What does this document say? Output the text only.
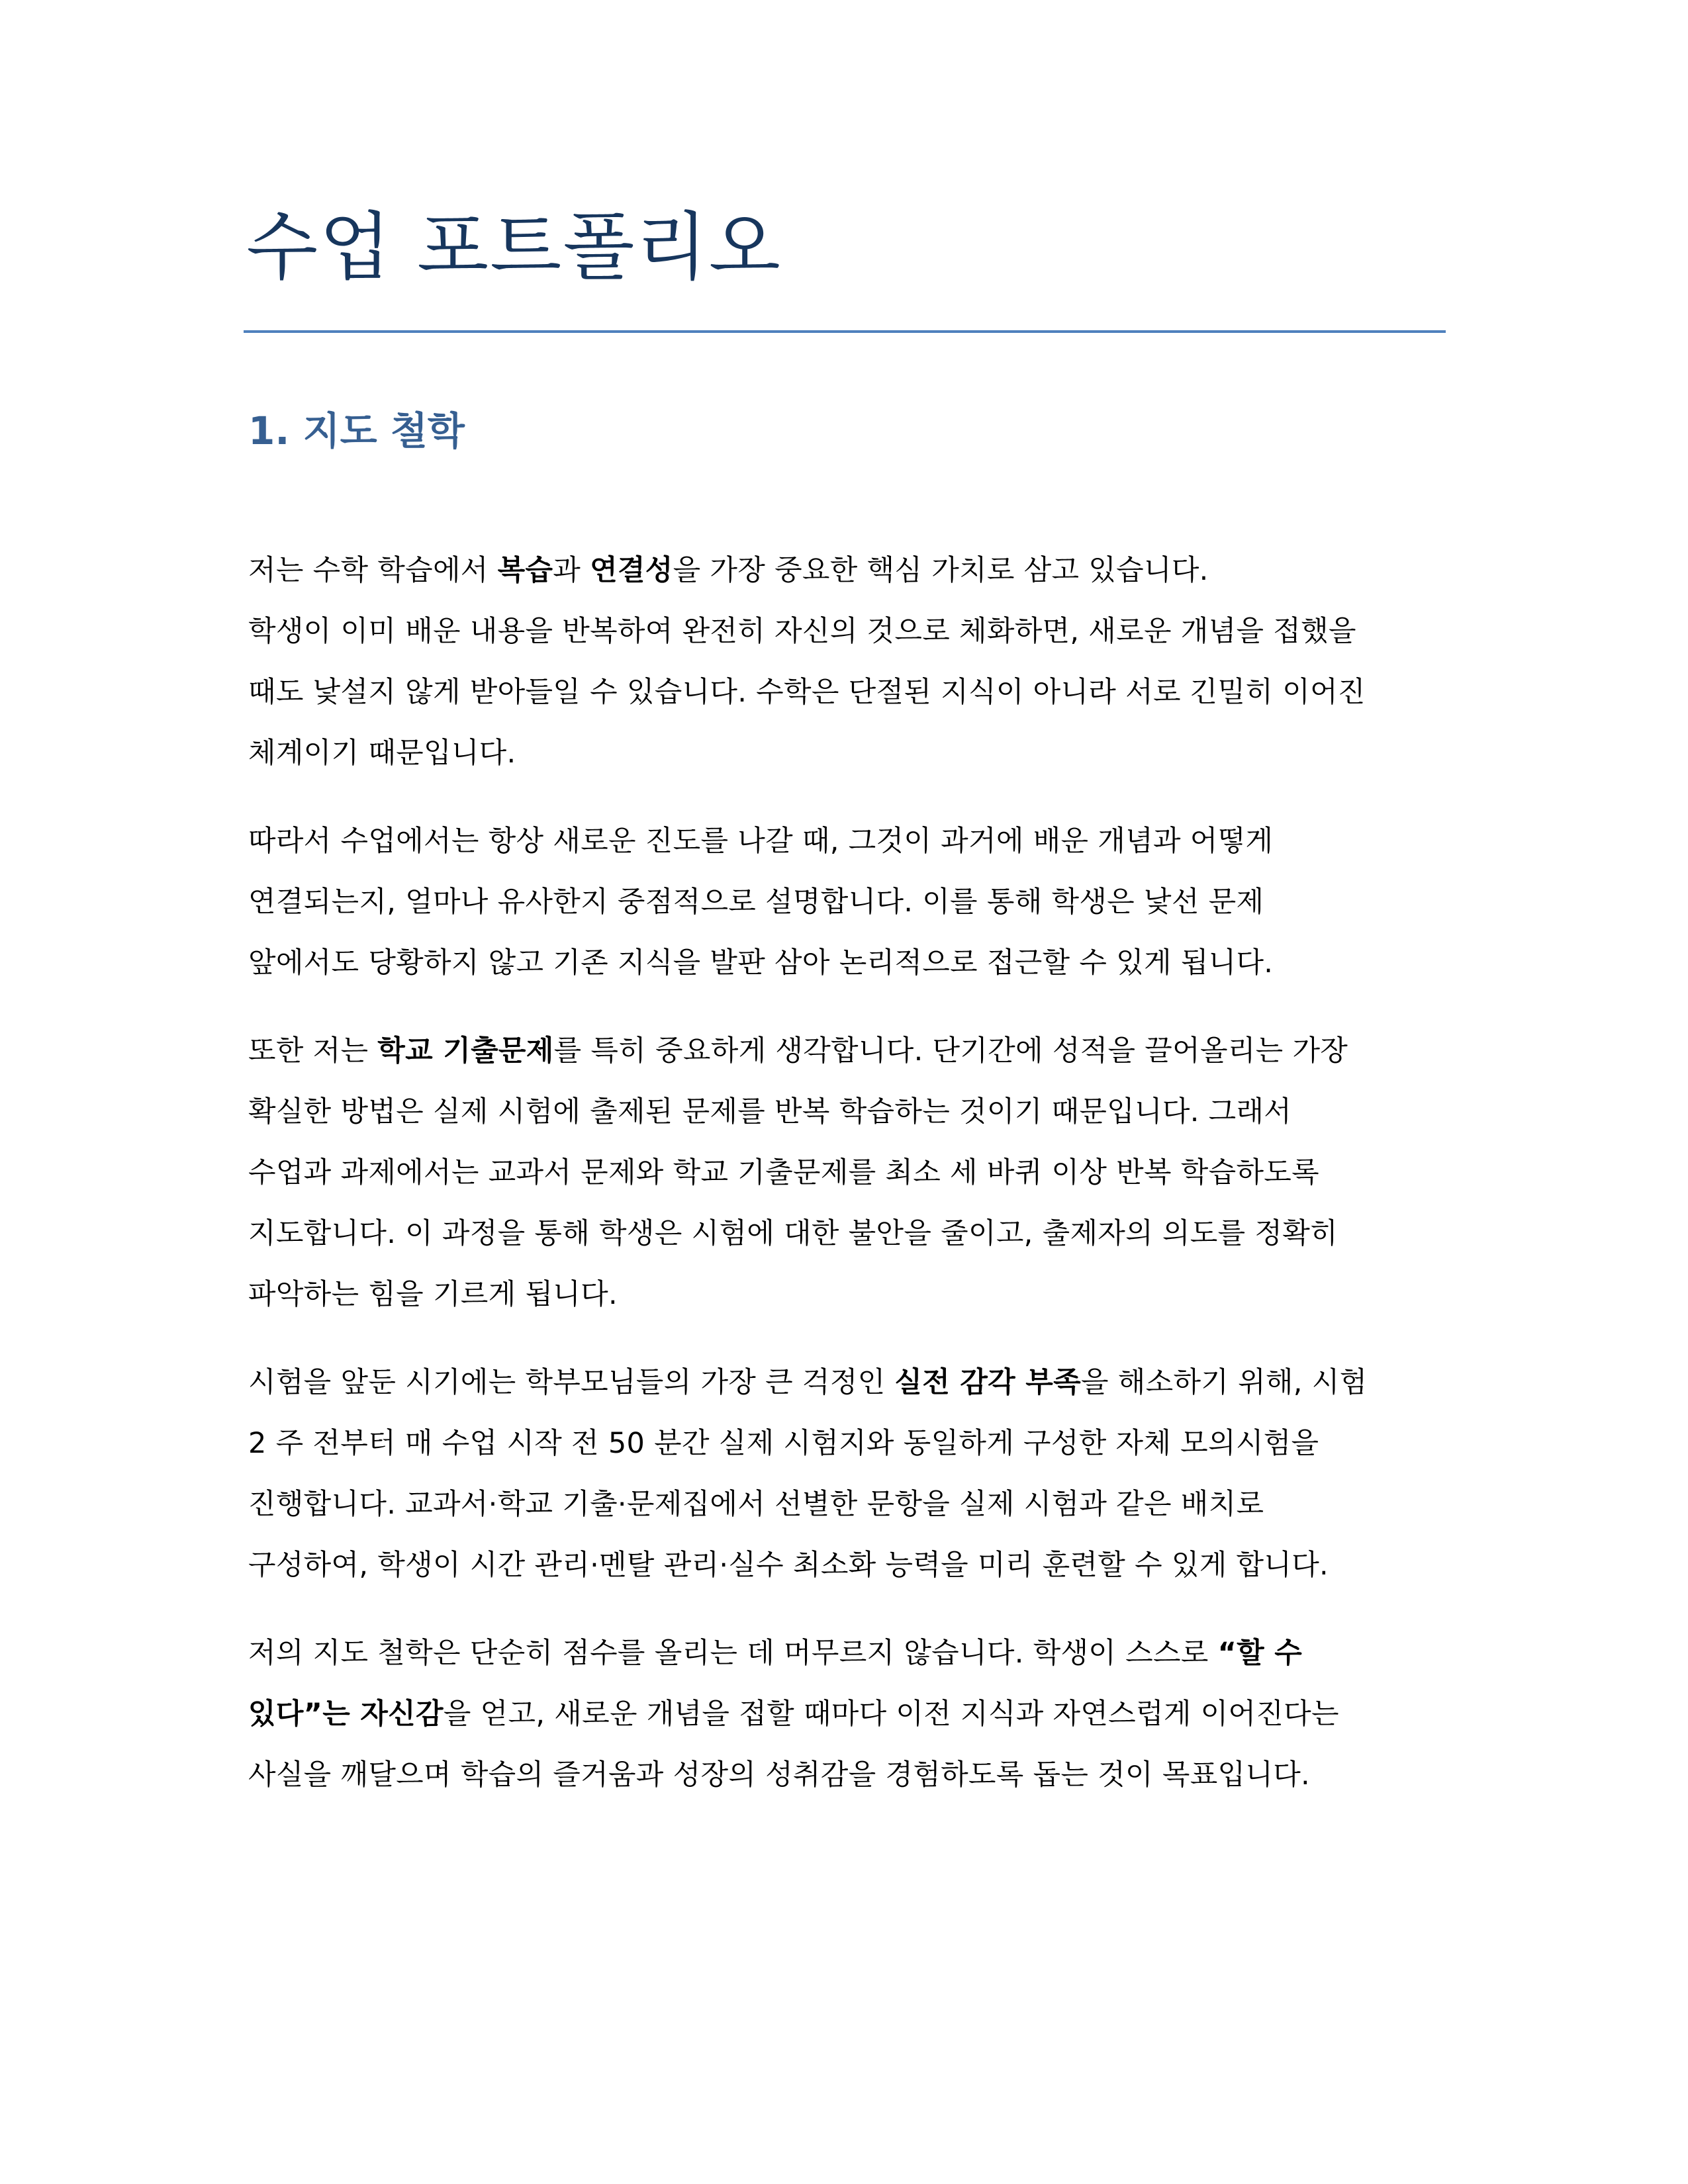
수업 포트폴리오
1. 지도 철학

저는 수학 학습에서 복습과 연결성을 가장 중요한 핵심 가치로 삼고 있습니다.
학생이 이미 배운 내용을 반복하여 완전히 자신의 것으로 체화하면, 새로운 개념을 접했을
때도 낯설지 않게 받아들일 수 있습니다. 수학은 단절된 지식이 아니라 서로 긴밀히 이어진
체계이기 때문입니다.

따라서 수업에서는 항상 새로운 진도를 나갈 때, 그것이 과거에 배운 개념과 어떻게
연결되는지, 얼마나 유사한지 중점적으로 설명합니다. 이를 통해 학생은 낯선 문제
앞에서도 당황하지 않고 기존 지식을 발판 삼아 논리적으로 접근할 수 있게 됩니다.

또한 저는 학교 기출문제를 특히 중요하게 생각합니다. 단기간에 성적을 끌어올리는 가장
확실한 방법은 실제 시험에 출제된 문제를 반복 학습하는 것이기 때문입니다. 그래서
수업과 과제에서는 교과서 문제와 학교 기출문제를 최소 세 바퀴 이상 반복 학습하도록
지도합니다. 이 과정을 통해 학생은 시험에 대한 불안을 줄이고, 출제자의 의도를 정확히
파악하는 힘을 기르게 됩니다.

시험을 앞둔 시기에는 학부모님들의 가장 큰 걱정인 실전 감각 부족을 해소하기 위해, 시험
2 주 전부터 매 수업 시작 전 50 분간 실제 시험지와 동일하게 구성한 자체 모의시험을
진행합니다. 교과서·학교 기출·문제집에서 선별한 문항을 실제 시험과 같은 배치로
구성하여, 학생이 시간 관리·멘탈 관리·실수 최소화 능력을 미리 훈련할 수 있게 합니다.

저의 지도 철학은 단순히 점수를 올리는 데 머무르지 않습니다. 학생이 스스로 “할 수
있다”는 자신감을 얻고, 새로운 개념을 접할 때마다 이전 지식과 자연스럽게 이어진다는
사실을 깨달으며 학습의 즐거움과 성장의 성취감을 경험하도록 돕는 것이 목표입니다.
